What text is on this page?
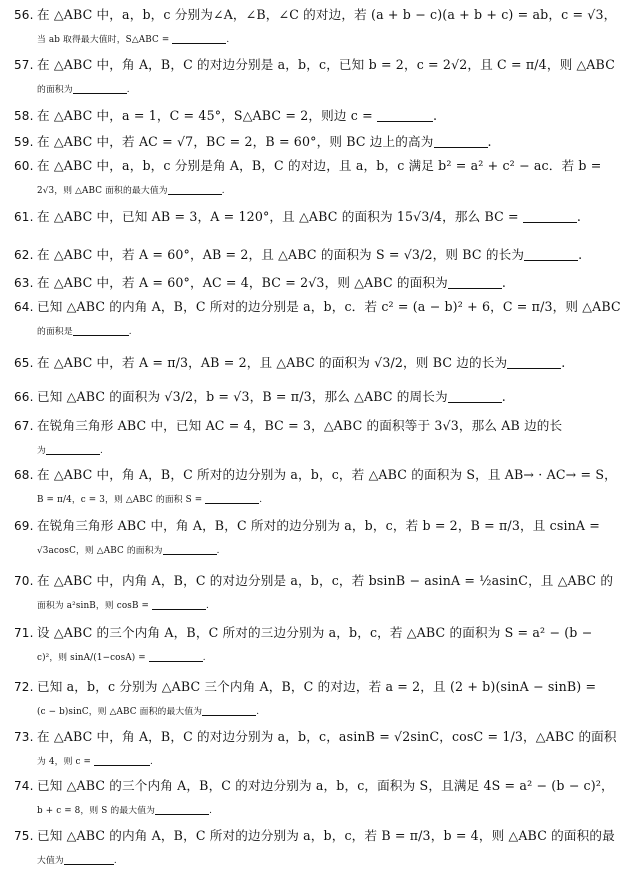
56. 在 △ABC 中，a，b，c 分别为∠A，∠B，∠C 的对边，若 (a + b − c)(a + b + c) = ab，c = √3，
当 ab 取得最大值时，S△ABC =	.
57. 在 △ABC 中，角 A，B，C 的对边分别是 a，b，c，已知 b = 2，c = 2√2，且 C = π/4，则 △ABC
的面积为	.
58. 在 △ABC 中，a = 1，C = 45°，S△ABC = 2，则边 c =	.
59. 在 △ABC 中，若 AC = √7，BC = 2，B = 60°，则 BC 边上的高为	.
60. 在 △ABC 中，a，b，c 分别是角 A，B，C 的对边，且 a，b，c 满足 b² = a² + c² − ac．若 b =
2√3，则 △ABC 面积的最大值为	.
61. 在 △ABC 中，已知 AB = 3，A = 120°，且 △ABC 的面积为 15√3/4，那么 BC =	.
62. 在 △ABC 中，若 A = 60°，AB = 2，且 △ABC 的面积为 S = √3/2，则 BC 的长为	.
63. 在 △ABC 中，若 A = 60°，AC = 4，BC = 2√3，则 △ABC 的面积为	.
64. 已知 △ABC 的内角 A，B，C 所对的边分别是 a，b，c．若 c² = (a − b)² + 6，C = π/3，则 △ABC
的面积是	.
65. 在 △ABC 中，若 A = π/3，AB = 2，且 △ABC 的面积为 √3/2，则 BC 边的长为	.
66. 已知 △ABC 的面积为 √3/2，b = √3，B = π/3，那么 △ABC 的周长为	.
67. 在锐角三角形 ABC 中，已知 AC = 4，BC = 3，△ABC 的面积等于 3√3，那么 AB 边的长
为	.
68. 在 △ABC 中，角 A，B，C 所对的边分别为 a，b，c，若 △ABC 的面积为 S，且 AB→ · AC→ = S，
B = π/4，c = 3，则 △ABC 的面积 S =	.
69. 在锐角三角形 ABC 中，角 A，B，C 所对的边分别为 a，b，c，若 b = 2，B = π/3，且 csinA =
√3acosC，则 △ABC 的面积为	.
70. 在 △ABC 中，内角 A，B，C 的对边分别是 a，b，c，若 bsinB − asinA = ½asinC，且 △ABC 的
面积为 a²sinB，则 cosB =	.
71. 设 △ABC 的三个内角 A，B，C 所对的三边分别为 a，b，c，若 △ABC 的面积为 S = a² − (b −
c)²，则 sinA/(1−cosA) =	.
72. 已知 a，b，c 分别为 △ABC 三个内角 A，B，C 的对边，若 a = 2，且 (2 + b)(sinA − sinB) =
(c − b)sinC，则 △ABC 面积的最大值为	.
73. 在 △ABC 中，角 A，B，C 的对边分别为 a，b，c，asinB = √2sinC，cosC = 1/3，△ABC 的面积
为 4，则 c =	.
74. 已知 △ABC 的三个内角 A，B，C 的对边分别为 a，b，c，面积为 S，且满足 4S = a² − (b − c)²，
b + c = 8，则 S 的最大值为	.
75. 已知 △ABC 的内角 A，B，C 所对的边分别为 a，b，c，若 B = π/3，b = 4，则 △ABC 的面积的最
大值为	.
